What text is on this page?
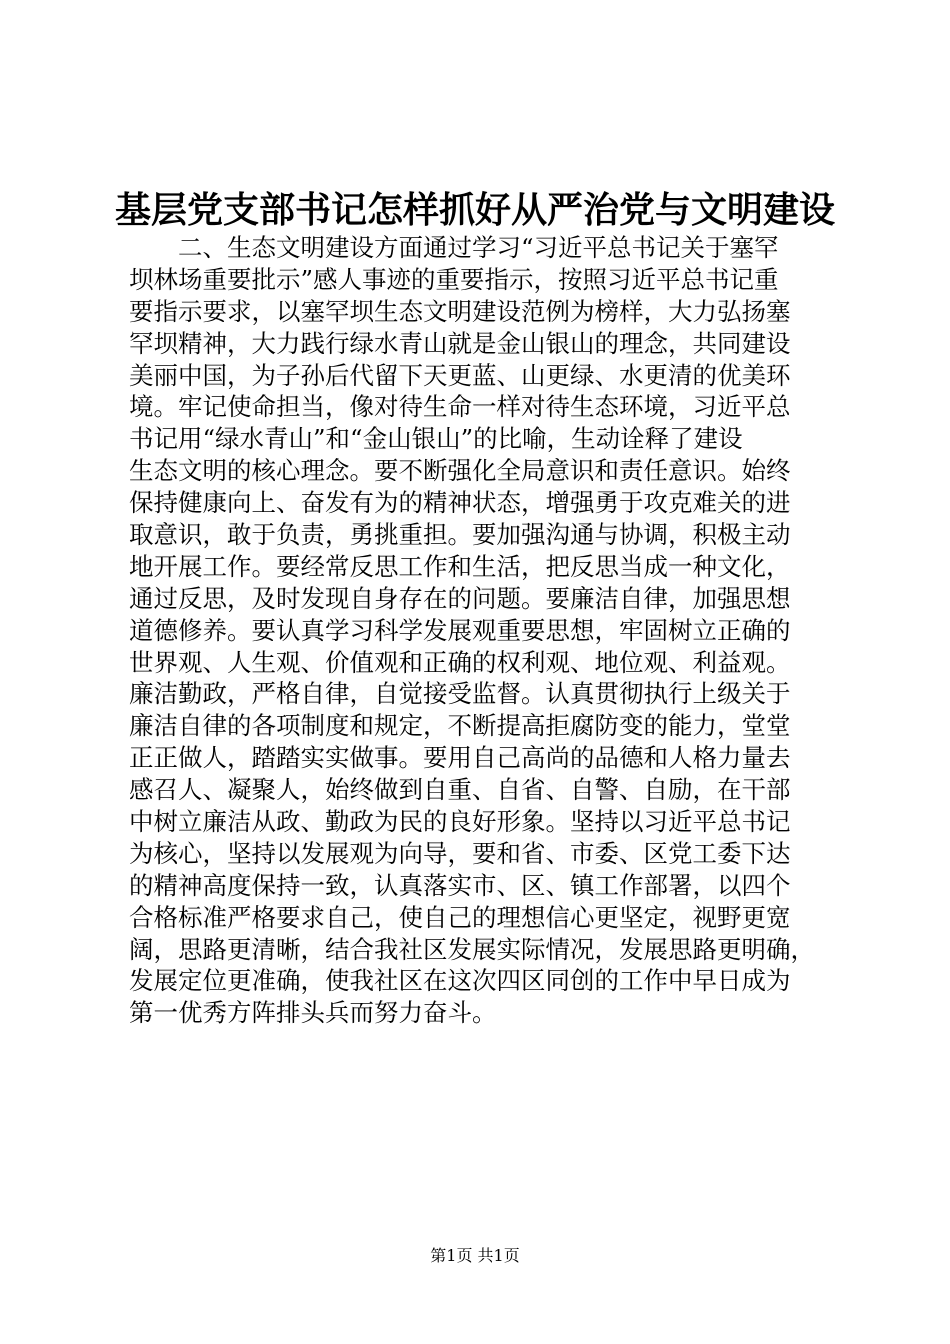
基层党支部书记怎样抓好从严治党与文明建设
　　二、生态文明建设方面通过学习“习近平总书记关于塞罕
坝林场重要批示”感人事迹的重要指示，按照习近平总书记重
要指示要求，以塞罕坝生态文明建设范例为榜样，大力弘扬塞
罕坝精神，大力践行绿水青山就是金山银山的理念，共同建设
美丽中国，为子孙后代留下天更蓝、山更绿、水更清的优美环
境。牢记使命担当，像对待生命一样对待生态环境，习近平总
书记用“绿水青山”和“金山银山”的比喻，生动诠释了建设
生态文明的核心理念。要不断强化全局意识和责任意识。始终
保持健康向上、奋发有为的精神状态，增强勇于攻克难关的进
取意识，敢于负责，勇挑重担。要加强沟通与协调，积极主动
地开展工作。要经常反思工作和生活，把反思当成一种文化，
通过反思，及时发现自身存在的问题。要廉洁自律，加强思想
道德修养。要认真学习科学发展观重要思想，牢固树立正确的
世界观、人生观、价值观和正确的权利观、地位观、利益观。
廉洁勤政，严格自律，自觉接受监督。认真贯彻执行上级关于
廉洁自律的各项制度和规定，不断提高拒腐防变的能力，堂堂
正正做人，踏踏实实做事。要用自己高尚的品德和人格力量去
感召人、凝聚人，始终做到自重、自省、自警、自励，在干部
中树立廉洁从政、勤政为民的良好形象。坚持以习近平总书记
为核心，坚持以发展观为向导，要和省、市委、区党工委下达
的精神高度保持一致，认真落实市、区、镇工作部署，以四个
合格标准严格要求自己，使自己的理想信心更坚定，视野更宽
阔，思路更清晰，结合我社区发展实际情况，发展思路更明确，
发展定位更准确，使我社区在这次四区同创的工作中早日成为
第一优秀方阵排头兵而努力奋斗。
第1页 共1页
